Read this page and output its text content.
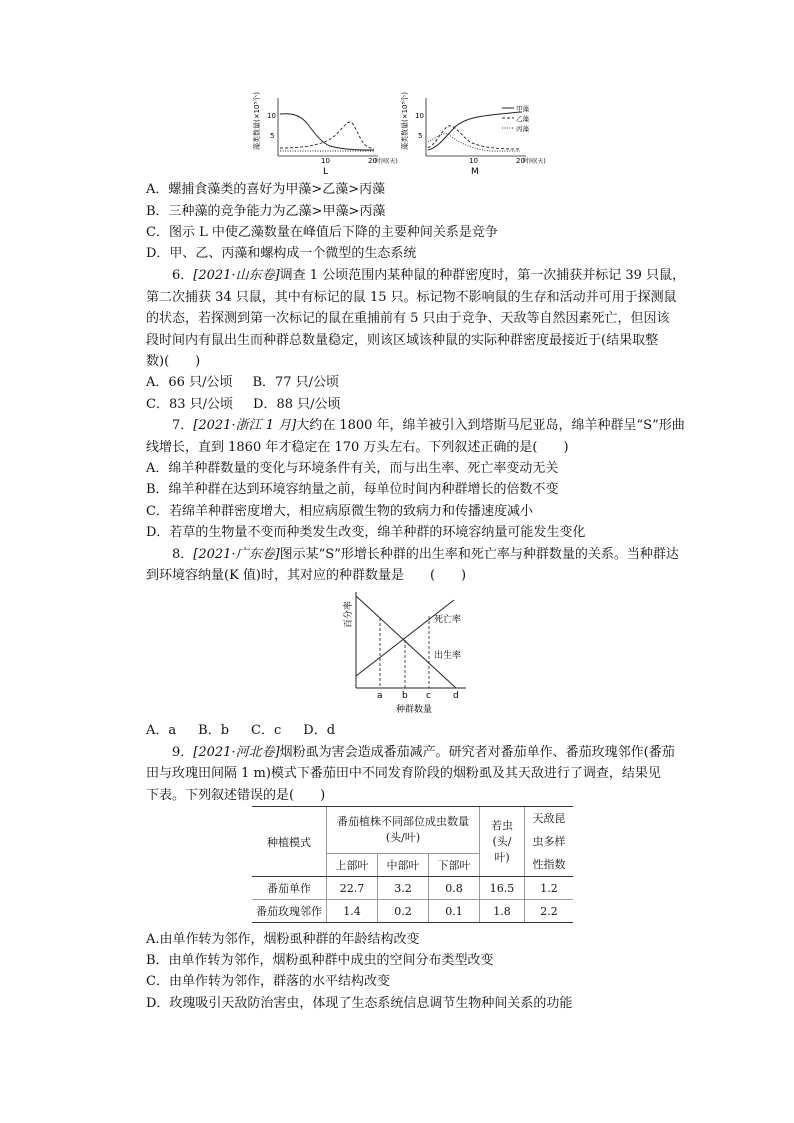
藻类数量(×10⁵个) 10
5
10	20
时间(天)
L
藻类数量(×10⁵个) 10
5
10	20
时间(天)
M
甲藻
乙藻
丙藻
A．螺捕食藻类的喜好为甲藻>乙藻>丙藻
B．三种藻的竞争能力为乙藻>甲藻>丙藻
C．图示 L 中使乙藻数量在峰值后下降的主要种间关系是竞争
D．甲、乙、丙藻和螺构成一个微型的生态系统
6．[2021·山东卷]调查 1 公顷范围内某种鼠的种群密度时，第一次捕获并标记 39 只鼠，
第二次捕获 34 只鼠，其中有标记的鼠 15 只。标记物不影响鼠的生存和活动并可用于探测鼠
的状态，若探测到第一次标记的鼠在重捕前有 5 只由于竞争、天敌等自然因素死亡，但因该
段时间内有鼠出生而种群总数量稳定，则该区域该种鼠的实际种群密度最接近于(结果取整
数)(　　)
A．66 只/公顷 B．77 只/公顷
C．83 只/公顷 D．88 只/公顷
7．[2021·浙江 1 月]大约在 1800 年，绵羊被引入到塔斯马尼亚岛，绵羊种群呈“S”形曲
线增长，直到 1860 年才稳定在 170 万头左右。下列叙述正确的是(　　)
A．绵羊种群数量的变化与环境条件有关，而与出生率、死亡率变动无关
B．绵羊种群在达到环境容纳量之前，每单位时间内种群增长的倍数不变
C．若绵羊种群密度增大，相应病原微生物的致病力和传播速度减小
D．若草的生物量不变而种类发生改变，绵羊种群的环境容纳量可能发生变化
8．[2021·广东卷]图示某“S”形增长种群的出生率和死亡率与种群数量的关系。当种群达
到环境容纳量(K 值)时，其对应的种群数量是　　(　　)
百分率	死亡率
出生率
a b c d
种群数量
A．a B．b C．c D．d
9．[2021·河北卷]烟粉虱为害会造成番茄减产。研究者对番茄单作、番茄玫瑰邻作(番茄
田与玫瑰田间隔 1 m)模式下番茄田中不同发育阶段的烟粉虱及其天敌进行了调查，结果见
下表。下列叙述错误的是(　　)
种植模式	番茄植株不同部位成虫数量(头/叶)			若虫(头/叶)	天敌昆虫多样性指数

	上部叶	中部叶	下部叶		
番茄单作	22.7	3.2	0.8	16.5	1.2
番茄玫瑰邻作	1.4	0.2	0.1	1.8	2.2
A.由单作转为邻作，烟粉虱种群的年龄结构改变
B．由单作转为邻作，烟粉虱种群中成虫的空间分布类型改变
C．由单作转为邻作，群落的水平结构改变
D．玫瑰吸引天敌防治害虫，体现了生态系统信息调节生物种间关系的功能
